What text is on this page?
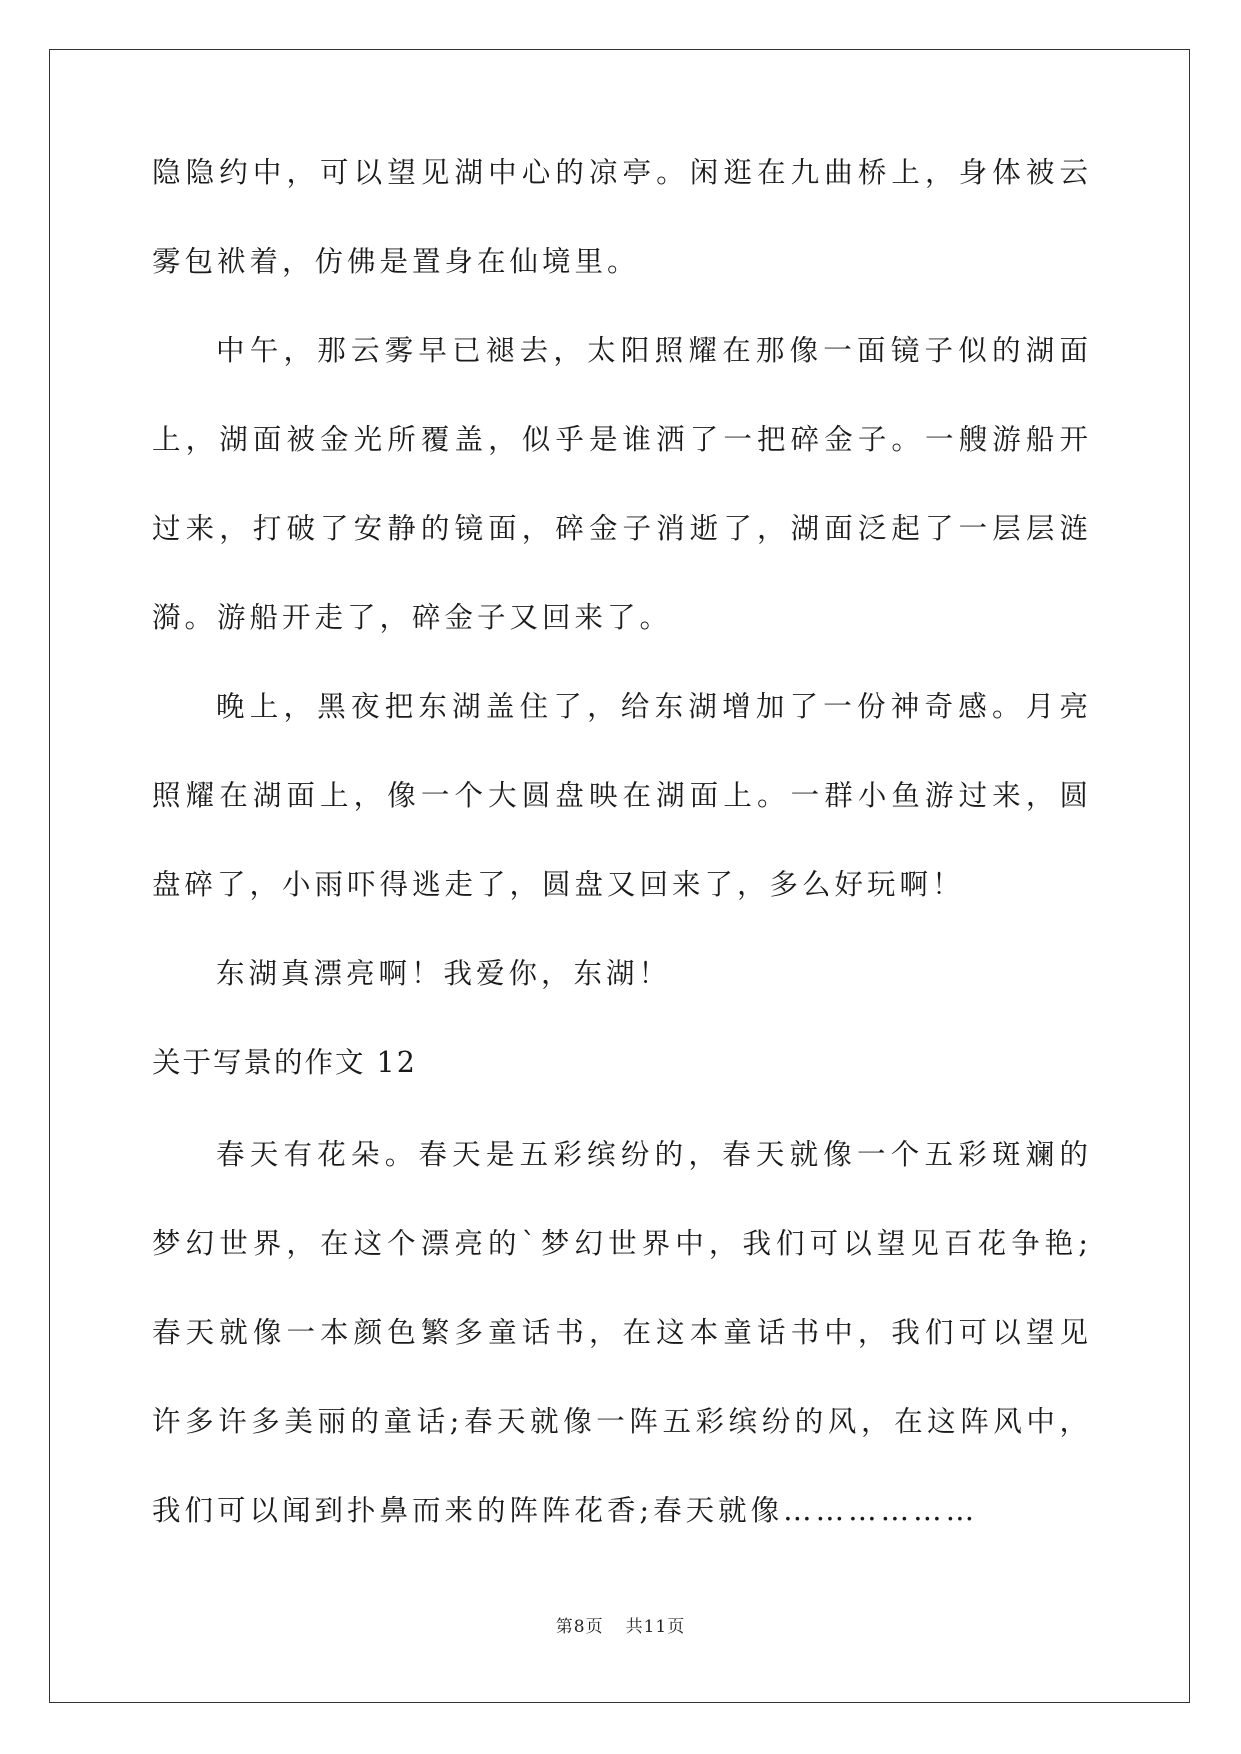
隐隐约中，可以望见湖中心的凉亭。闲逛在九曲桥上，身体被云雾包袱着，仿佛是置身在仙境里。

中午，那云雾早已褪去，太阳照耀在那像一面镜子似的湖面上，湖面被金光所覆盖，似乎是谁洒了一把碎金子。一艘游船开过来，打破了安静的镜面，碎金子消逝了，湖面泛起了一层层涟漪。游船开走了，碎金子又回来了。

晚上，黑夜把东湖盖住了，给东湖增加了一份神奇感。月亮照耀在湖面上，像一个大圆盘映在湖面上。一群小鱼游过来，圆盘碎了，小雨吓得逃走了，圆盘又回来了，多么好玩啊！

东湖真漂亮啊！我爱你，东湖！

关于写景的作文 12

春天有花朵。春天是五彩缤纷的，春天就像一个五彩斑斓的梦幻世界，在这个漂亮的`梦幻世界中，我们可以望见百花争艳;春天就像一本颜色繁多童话书，在这本童话书中，我们可以望见许多许多美丽的童话;春天就像一阵五彩缤纷的风，在这阵风中，我们可以闻到扑鼻而来的阵阵花香;春天就像………………

第8页 共11页
